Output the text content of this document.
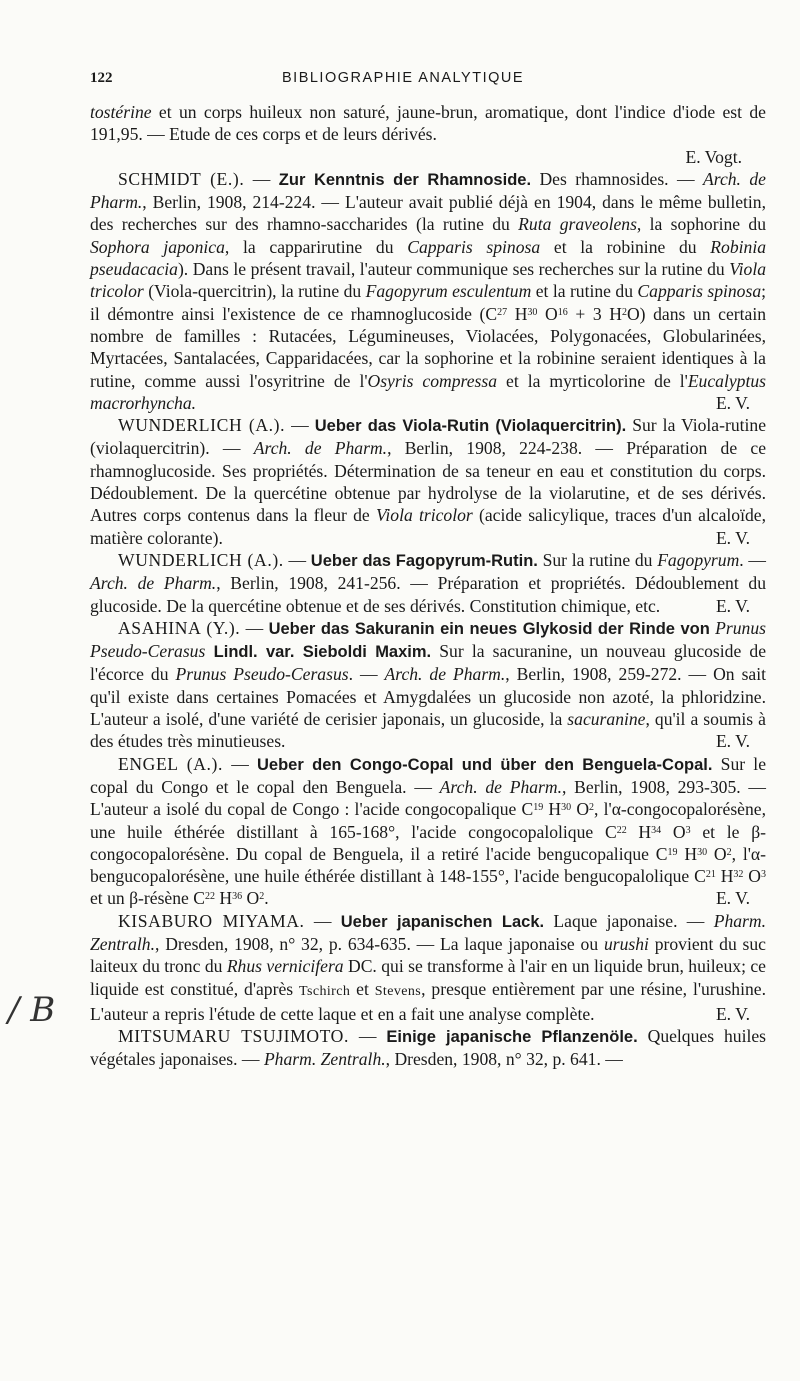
/ B
122	BIBLIOGRAPHIE ANALYTIQUE

tostérine et un corps huileux non saturé, jaune-brun, aromatique, dont l'indice d'iode est de 191,95. — Etude de ces corps et de leurs dérivés.

E. Vogt.

SCHMIDT (E.). — Zur Kenntnis der Rhamnoside. Des rhamnosides. — Arch. de Pharm., Berlin, 1908, 214-224. — L'auteur avait publié déjà en 1904, dans le même bulletin, des recherches sur des rhamno-saccharides (la rutine du Ruta graveolens, la sophorine du Sophora japonica, la capparirutine du Capparis spinosa et la robinine du Robinia pseudacacia). Dans le présent travail, l'auteur communique ses recherches sur la rutine du Viola tricolor (Viola-quercitrin), la rutine du Fagopyrum esculentum et la rutine du Capparis spinosa; il démontre ainsi l'existence de ce rhamnoglucoside ($C^{27}$ $H^{30}$ $O^{16} + 3$ $H^2O$) dans un certain nombre de familles : Rutacées, Légumineuses, Violacées, Polygonacées, Globularinées, Myrtacées, Santalacées, Capparidacées, car la sophorine et la robinine seraient identiques à la rutine, comme aussi l'osyritrine de l'Osyris compressa et la myrticolorine de l'Eucalyptus macrorhyncha.	E. V.

WUNDERLICH (A.). — Ueber das Viola-Rutin (Violaquercitrin). Sur la Viola-rutine (violaquercitrin). — Arch. de Pharm., Berlin, 1908, 224-238. — Préparation de ce rhamnoglucoside. Ses propriétés. Détermination de sa teneur en eau et constitution du corps. Dédoublement. De la quercétine obtenue par hydrolyse de la violarutine, et de ses dérivés. Autres corps contenus dans la fleur de Viola tricolor (acide salicylique, traces d'un alcaloïde, matière colorante).	E. V.

WUNDERLICH (A.). — Ueber das Fagopyrum-Rutin. Sur la rutine du Fagopyrum. — Arch. de Pharm., Berlin, 1908, 241-256. — Préparation et propriétés. Dédoublement du glucoside. De la quercétine obtenue et de ses dérivés. Constitution chimique, etc.	E. V.

ASAHINA (Y.). — Ueber das Sakuranin ein neues Glykosid der Rinde von Prunus Pseudo-Cerasus Lindl. var. Sieboldi Maxim. Sur la sacuranine, un nouveau glucoside de l'écorce du Prunus Pseudo-Cerasus. — Arch. de Pharm., Berlin, 1908, 259-272. — On sait qu'il existe dans certaines Pomacées et Amygdalées un glucoside non azoté, la phloridzine. L'auteur a isolé, d'une variété de cerisier japonais, un glucoside, la sacuranine, qu'il a soumis à des études très minutieuses.	E. V.

ENGEL (A.). — Ueber den Congo-Copal und über den Benguela-Copal. Sur le copal du Congo et le copal den Benguela. — Arch. de Pharm., Berlin, 1908, 293-305. — L'auteur a isolé du copal de Congo : l'acide congocopalique $C^{19}$ $H^{30}$ $O^2$, l'α-congocopalorésène, une huile éthérée distillant à 165-168°, l'acide congocopalolique $C^{22}$ $H^{34}$ $O^3$ et le β-congocopalorésène. Du copal de Benguela, il a retiré l'acide bengucopalique $C^{19}$ $H^{30}$ $O^2$, l'α-bengucopalorésène, une huile éthérée distillant à 148-155°, l'acide bengucopalolique $C^{21}$ $H^{32}$ $O^3$ et un β-résène $C^{22}$ $H^{36}$ $O^2$.	E. V.

KISABURO MIYAMA. — Ueber japanischen Lack. Laque japonaise. — Pharm. Zentralh., Dresden, 1908, n° 32, p. 634-635. — La laque japonaise ou urushi provient du suc laiteux du tronc du Rhus vernicifera DC. qui se transforme à l'air en un liquide brun, huileux; ce liquide est constitué, d'après Tschirch et Stevens, presque entièrement par une résine, l'urushine. L'auteur a repris l'étude de cette laque et en a fait une analyse complète.	E. V.

MITSUMARU TSUJIMOTO. — Einige japanische Pflanzenöle. Quelques huiles végétales japonaises. — Pharm. Zentralh., Dresden, 1908, n° 32, p. 641. —
